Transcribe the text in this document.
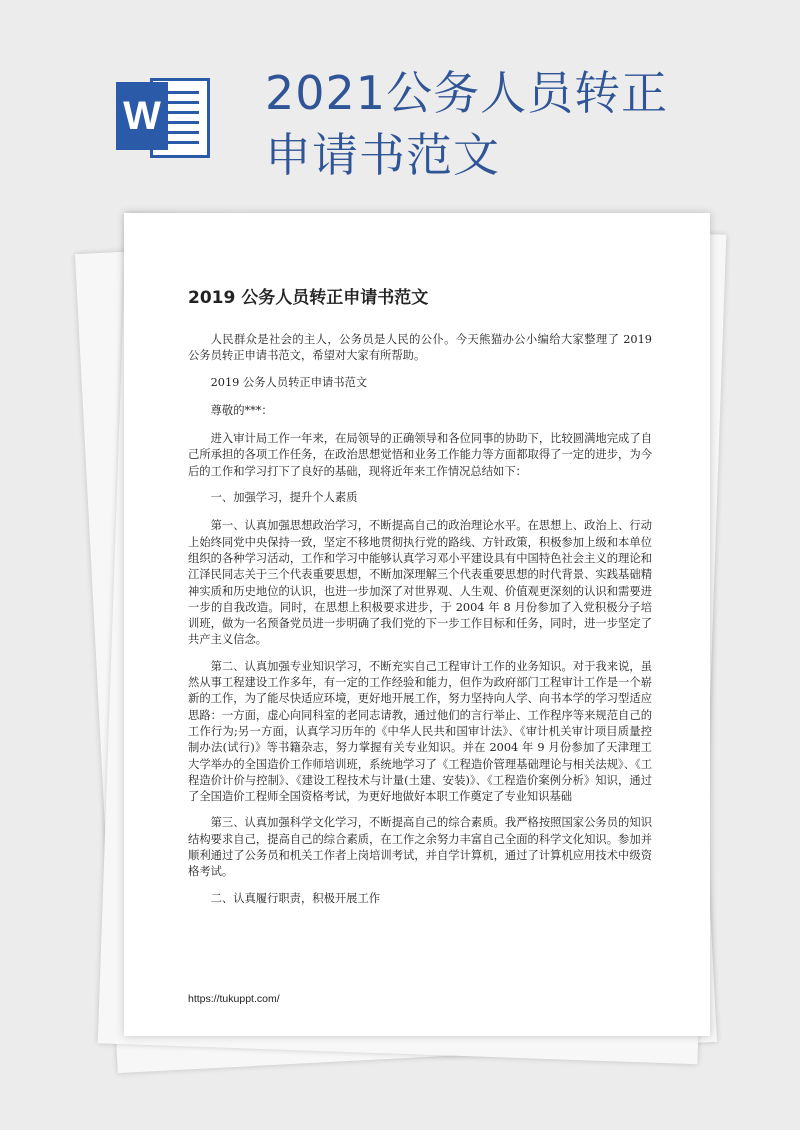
W 2021公务人员转正
申请书范文
2019 公务人员转正申请书范文

人民群众是社会的主人，公务员是人民的公仆。今天熊猫办公小编给大家整理了 2019 公务员转正申请书范文，希望对大家有所帮助。

2019 公务人员转正申请书范文

尊敬的***：

进入审计局工作一年来，在局领导的正确领导和各位同事的协助下，比较圆满地完成了自己所承担的各项工作任务，在政治思想觉悟和业务工作能力等方面都取得了一定的进步，为今后的工作和学习打下了良好的基础，现将近年来工作情况总结如下：

一、加强学习，提升个人素质

第一、认真加强思想政治学习，不断提高自己的政治理论水平。在思想上、政治上、行动上始终同党中央保持一致，坚定不移地贯彻执行党的路线、方针政策，积极参加上级和本单位组织的各种学习活动，工作和学习中能够认真学习邓小平建设具有中国特色社会主义的理论和江泽民同志关于三个代表重要思想，不断加深理解三个代表重要思想的时代背景、实践基础精神实质和历史地位的认识，也进一步加深了对世界观、人生观、价值观更深刻的认识和需要进一步的自我改造。同时，在思想上积极要求进步，于 2004 年 8 月份参加了入党积极分子培训班，做为一名预备党员进一步明确了我们党的下一步工作目标和任务，同时，进一步坚定了共产主义信念。

第二、认真加强专业知识学习，不断充实自己工程审计工作的业务知识。对于我来说，虽然从事工程建设工作多年，有一定的工作经验和能力，但作为政府部门工程审计工作是一个崭新的工作，为了能尽快适应环境，更好地开展工作，努力坚持向人学、向书本学的学习型适应思路：一方面，虚心向同科室的老同志请教，通过他们的言行举止、工作程序等来规范自己的工作行为;另一方面，认真学习历年的《中华人民共和国审计法》、《审计机关审计项目质量控制办法(试行)》等书籍杂志，努力掌握有关专业知识。并在 2004 年 9 月份参加了天津理工大学举办的全国造价工作师培训班，系统地学习了《工程造价管理基础理论与相关法规》、《工程造价计价与控制》、《建设工程技术与计量(土建、安装)》、《工程造价案例分析》知识，通过了全国造价工程师全国资格考试，为更好地做好本职工作奠定了专业知识基础

第三、认真加强科学文化学习，不断提高自己的综合素质。我严格按照国家公务员的知识结构要求自己，提高自己的综合素质，在工作之余努力丰富自己全面的科学文化知识。参加并顺利通过了公务员和机关工作者上岗培训考试，并自学计算机，通过了计算机应用技术中级资格考试。

二、认真履行职责，积极开展工作

https://tukuppt.com/
